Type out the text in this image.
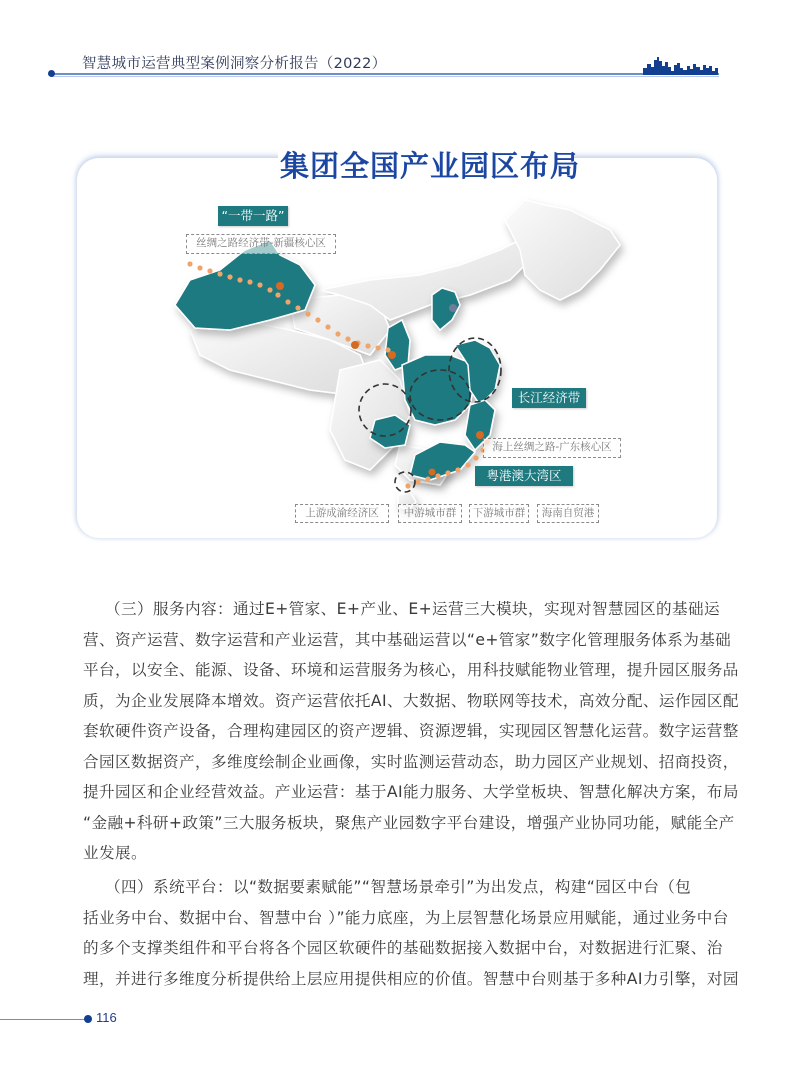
智慧城市运营典型案例洞察分析报告（2022）
集团全国产业园区布局
“一带一路”
丝绸之路经济带-新疆核心区
长江经济带
海上丝绸之路-广东核心区
粤港澳大湾区
上游成渝经济区	中游城市群	下游城市群	海南自贸港
（三）服务内容：通过E+管家、E+产业、E+运营三大模块，实现对智慧园区的基础运
营、资产运营、数字运营和产业运营，其中基础运营以“e+管家”数字化管理服务体系为基础
平台，以安全、能源、设备、环境和运营服务为核心，用科技赋能物业管理，提升园区服务品
质，为企业发展降本增效。资产运营依托AI、大数据、物联网等技术，高效分配、运作园区配
套软硬件资产设备，合理构建园区的资产逻辑、资源逻辑，实现园区智慧化运营。数字运营整
合园区数据资产，多维度绘制企业画像，实时监测运营动态，助力园区产业规划、招商投资，
提升园区和企业经营效益。产业运营：基于AI能力服务、大学堂板块、智慧化解决方案，布局
“金融+科研+政策”三大服务板块，聚焦产业园数字平台建设，增强产业协同功能，赋能全产
业发展。
（四）系统平台：以“数据要素赋能”“智慧场景牵引”为出发点，构建“园区中台（包
括业务中台、数据中台、智慧中台 ）”能力底座，为上层智慧化场景应用赋能，通过业务中台
的多个支撑类组件和平台将各个园区软硬件的基础数据接入数据中台，对数据进行汇聚、治
理，并进行多维度分析提供给上层应用提供相应的价值。智慧中台则基于多种AI力引擎，对园
116
